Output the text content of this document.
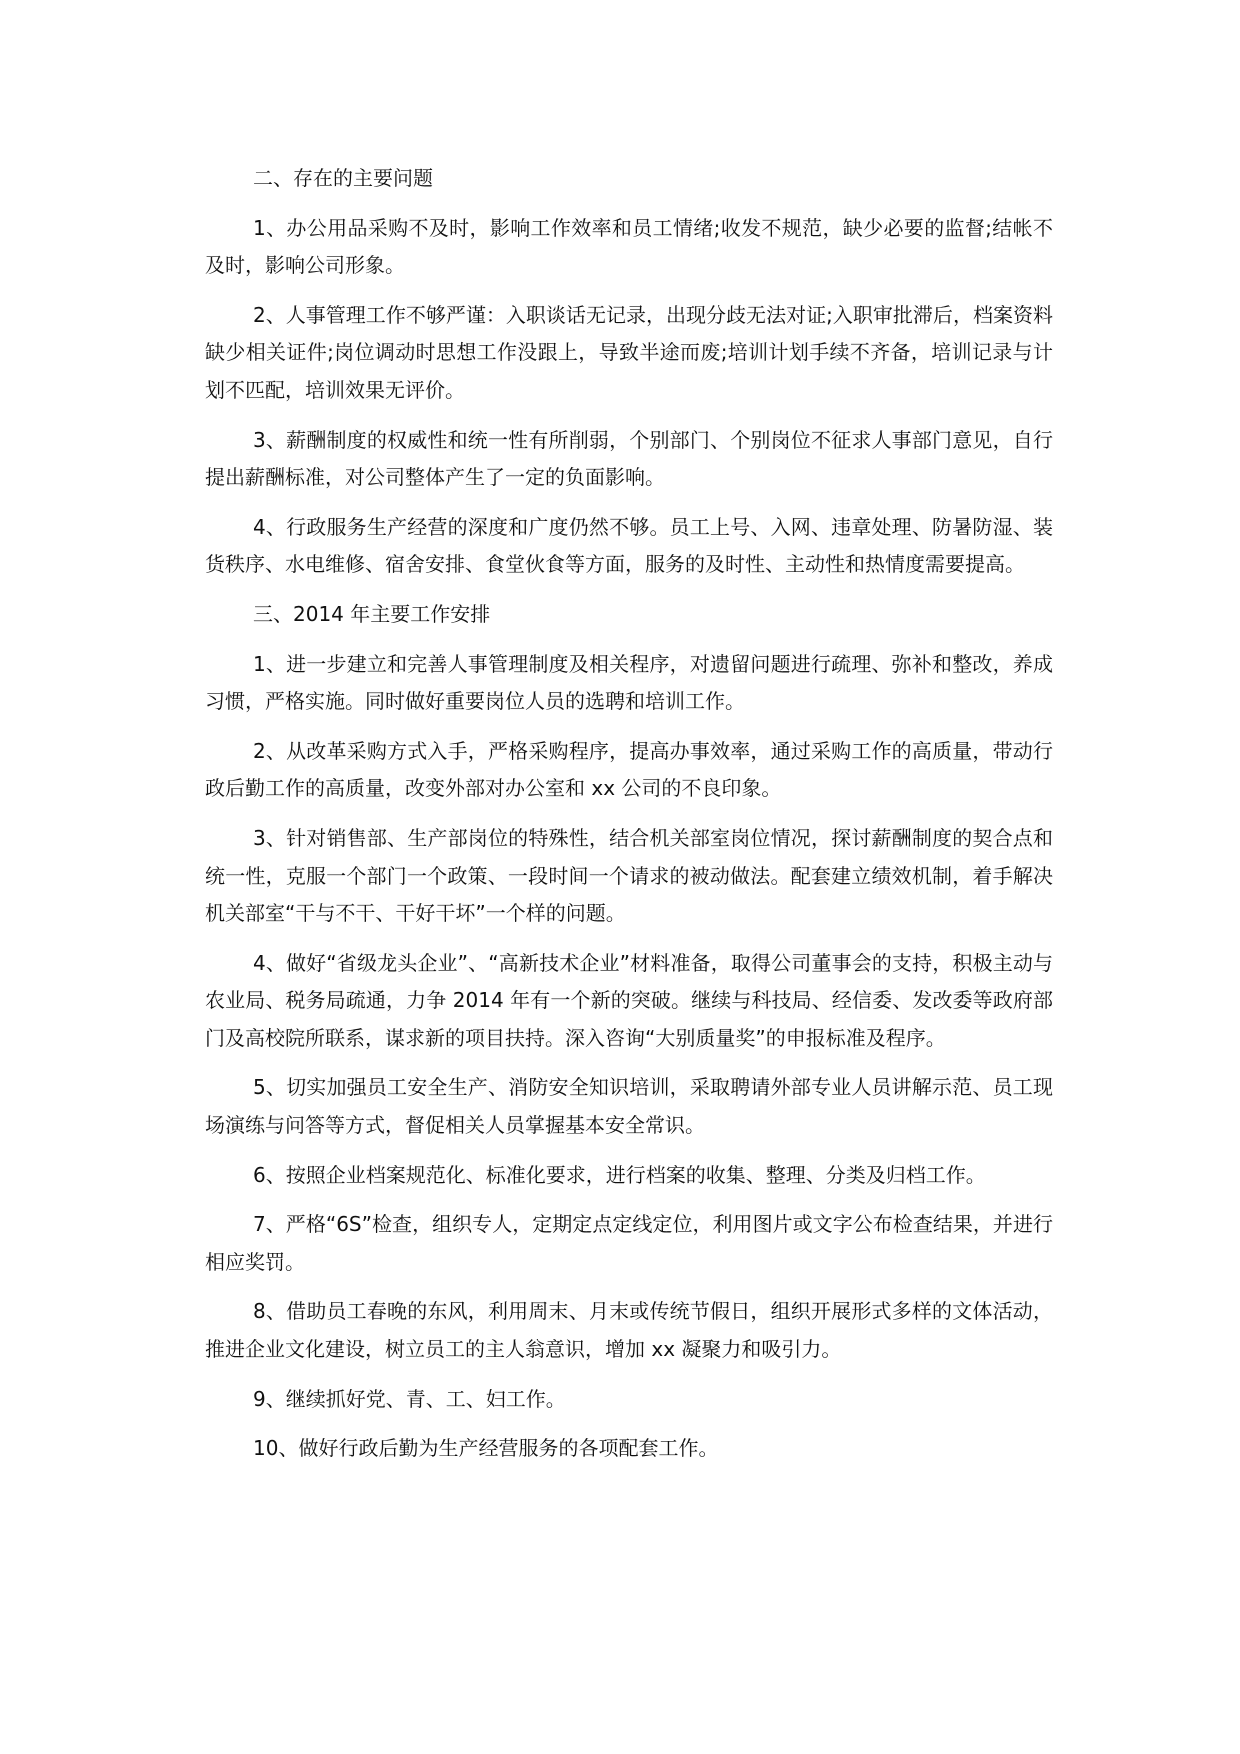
二、存在的主要问题

1、办公用品采购不及时，影响工作效率和员工情绪;收发不规范，缺少必要的监督;结帐不及时，影响公司形象。

2、人事管理工作不够严谨：入职谈话无记录，出现分歧无法对证;入职审批滞后，档案资料缺少相关证件;岗位调动时思想工作没跟上，导致半途而废;培训计划手续不齐备，培训记录与计划不匹配，培训效果无评价。

3、薪酬制度的权威性和统一性有所削弱，个别部门、个别岗位不征求人事部门意见，自行提出薪酬标准，对公司整体产生了一定的负面影响。

4、行政服务生产经营的深度和广度仍然不够。员工上号、入网、违章处理、防暑防湿、装货秩序、水电维修、宿舍安排、食堂伙食等方面，服务的及时性、主动性和热情度需要提高。

三、2014 年主要工作安排

1、进一步建立和完善人事管理制度及相关程序，对遗留问题进行疏理、弥补和整改，养成习惯，严格实施。同时做好重要岗位人员的选聘和培训工作。

2、从改革采购方式入手，严格采购程序，提高办事效率，通过采购工作的高质量，带动行政后勤工作的高质量，改变外部对办公室和 xx 公司的不良印象。

3、针对销售部、生产部岗位的特殊性，结合机关部室岗位情况，探讨薪酬制度的契合点和统一性，克服一个部门一个政策、一段时间一个请求的被动做法。配套建立绩效机制，着手解决机关部室“干与不干、干好干坏”一个样的问题。

4、做好“省级龙头企业”、“高新技术企业”材料准备，取得公司董事会的支持，积极主动与农业局、税务局疏通，力争 2014 年有一个新的突破。继续与科技局、经信委、发改委等政府部门及高校院所联系，谋求新的项目扶持。深入咨询“大别质量奖”的申报标准及程序。

5、切实加强员工安全生产、消防安全知识培训，采取聘请外部专业人员讲解示范、员工现场演练与问答等方式，督促相关人员掌握基本安全常识。

6、按照企业档案规范化、标准化要求，进行档案的收集、整理、分类及归档工作。

7、严格“6S”检查，组织专人，定期定点定线定位，利用图片或文字公布检查结果，并进行相应奖罚。

8、借助员工春晚的东风，利用周末、月末或传统节假日，组织开展形式多样的文体活动，推进企业文化建设，树立员工的主人翁意识，增加 xx 凝聚力和吸引力。

9、继续抓好党、青、工、妇工作。

10、做好行政后勤为生产经营服务的各项配套工作。
